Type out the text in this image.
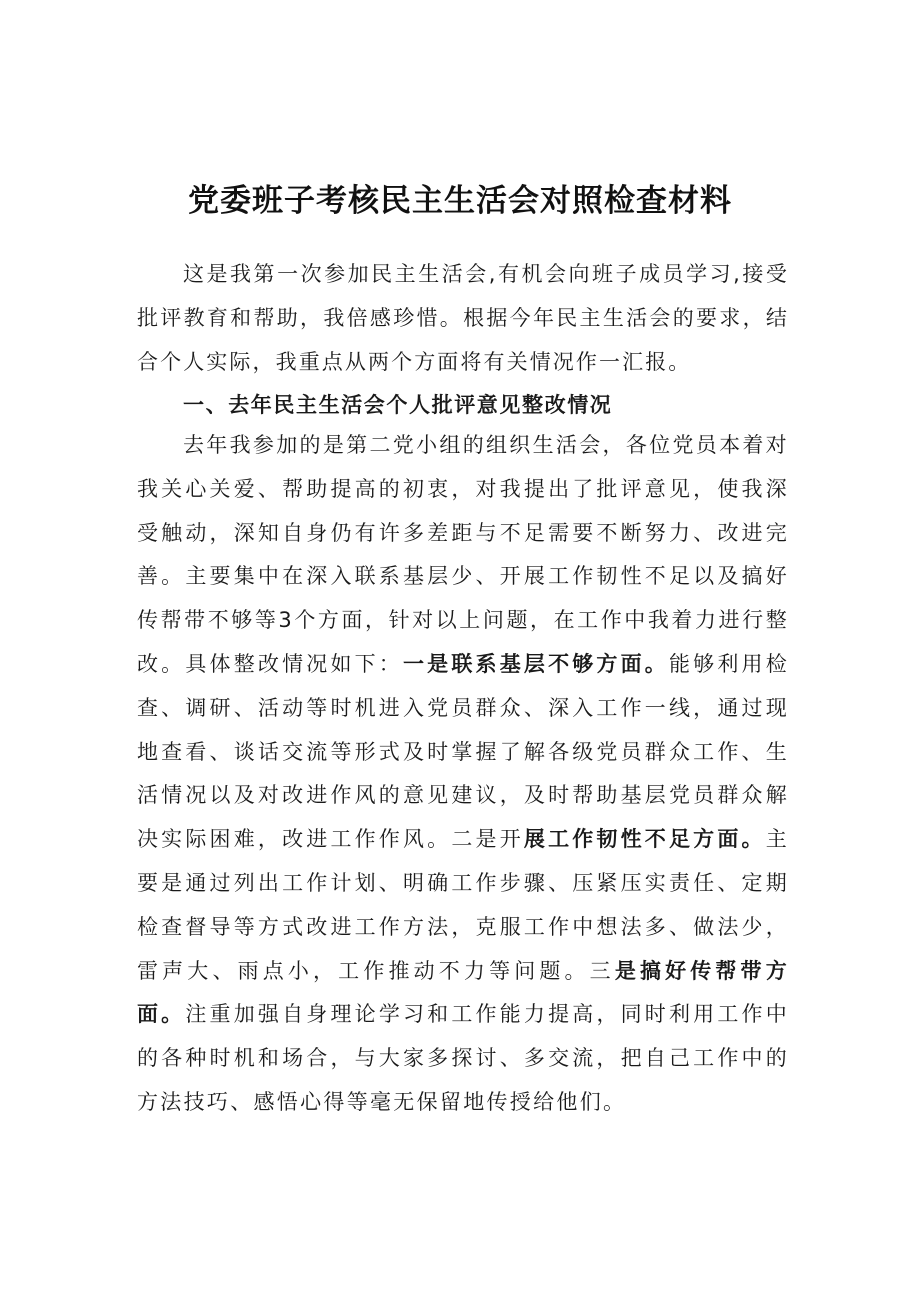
党委班子考核民主生活会对照检查材料

这是我第一次参加民主生活会,有机会向班子成员学习,接受批评教育和帮助，我倍感珍惜。根据今年民主生活会的要求，结合个人实际，我重点从两个方面将有关情况作一汇报。

一、去年民主生活会个人批评意见整改情况

去年我参加的是第二党小组的组织生活会，各位党员本着对我关心关爱、帮助提高的初衷，对我提出了批评意见，使我深受触动，深知自身仍有许多差距与不足需要不断努力、改进完善。主要集中在深入联系基层少、开展工作韧性不足以及搞好传帮带不够等3个方面，针对以上问题，在工作中我着力进行整改。具体整改情况如下：一是联系基层不够方面。能够利用检查、调研、活动等时机进入党员群众、深入工作一线，通过现地查看、谈话交流等形式及时掌握了解各级党员群众工作、生活情况以及对改进作风的意见建议，及时帮助基层党员群众解决实际困难，改进工作作风。二是开展工作韧性不足方面。主要是通过列出工作计划、明确工作步骤、压紧压实责任、定期检查督导等方式改进工作方法，克服工作中想法多、做法少，雷声大、雨点小，工作推动不力等问题。三是搞好传帮带方面。注重加强自身理论学习和工作能力提高，同时利用工作中的各种时机和场合，与大家多探讨、多交流，把自己工作中的方法技巧、感悟心得等毫无保留地传授给他们。
